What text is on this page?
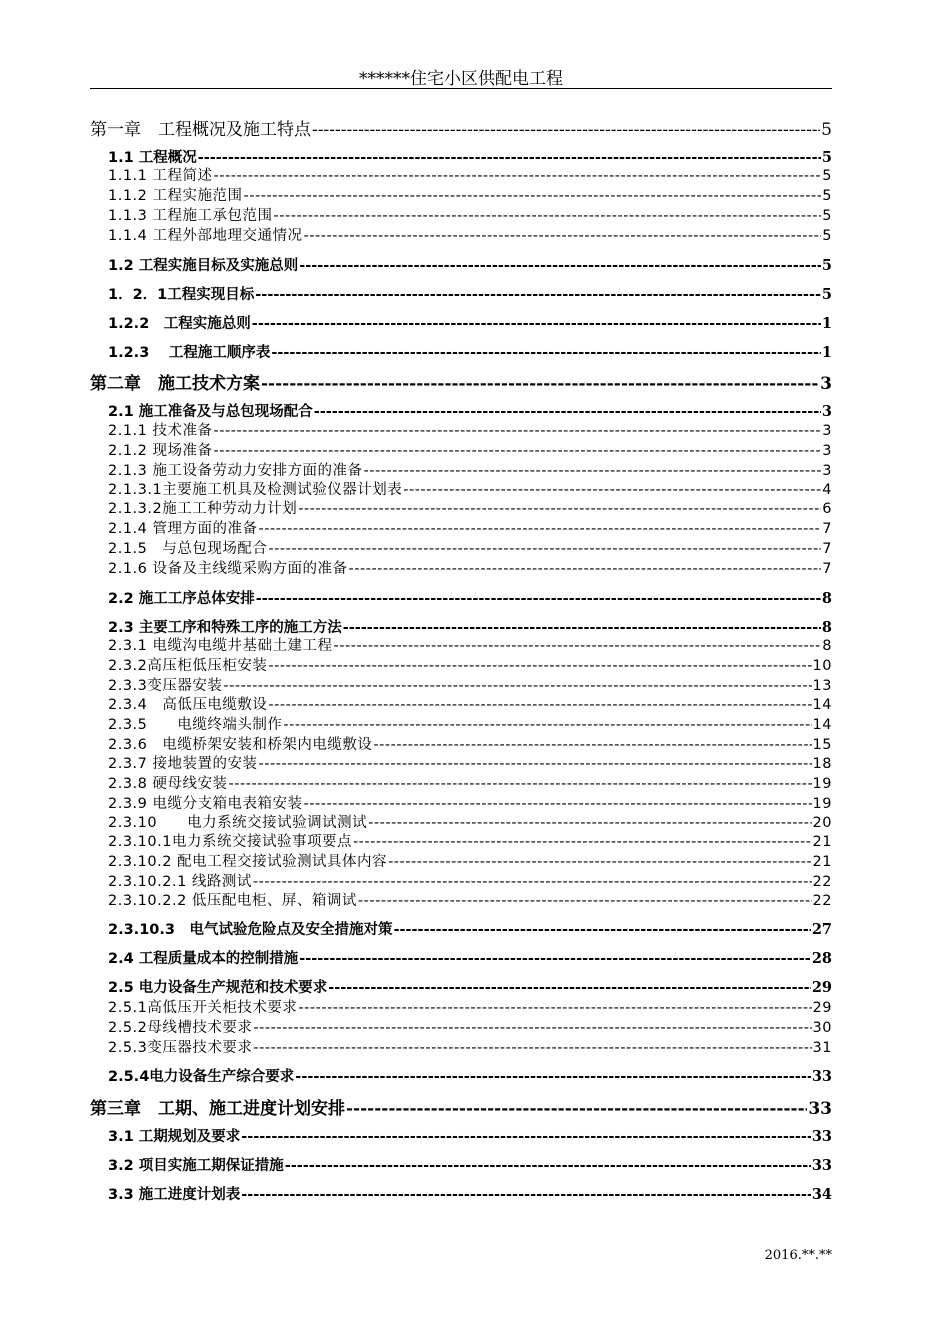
******住宅小区供配电工程
第一章　工程概况及施工特点 -----	5
1.1 工程概况 -----	5
1.1.1 工程简述 -----	5
1.1.2 工程实施范围 -----	5
1.1.3 工程施工承包范围 -----	5
1.1.4 工程外部地理交通情况 -----	5
1.2 工程实施目标及实施总则 -----	5
1．2．1工程实现目标 -----	5
1.2.2　工程实施总则 -----	1
1.2.3　 工程施工顺序表 -----	1
第二章　施工技术方案 -----	3
2.1 施工准备及与总包现场配合 -----	3
2.1.1 技术准备 -----	3
2.1.2 现场准备 -----	3
2.1.3 施工设备劳动力安排方面的准备 -----	3
2.1.3.1主要施工机具及检测试验仪器计划表 -----	4
2.1.3.2施工工种劳动力计划 -----	6
2.1.4 管理方面的准备 -----	7
2.1.5　与总包现场配合 -----	7
2.1.6 设备及主线缆采购方面的准备 -----	7
2.2 施工工序总体安排 -----	8
2.3 主要工序和特殊工序的施工方法 -----	8
2.3.1 电缆沟电缆井基础土建工程 -----	8
2.3.2高压柜低压柜安装 -----	10
2.3.3变压器安装 -----	13
2.3.4　高低压电缆敷设 -----	14
2.3.5　　电缆终端头制作 -----	14
2.3.6　电缆桥架安装和桥架内电缆敷设 -----	15
2.3.7 接地装置的安装 -----	18
2.3.8 硬母线安装 -----	19
2.3.9 电缆分支箱电表箱安装 -----	19
2.3.10　　电力系统交接试验调试测试 -----	20
2.3.10.1电力系统交接试验事项要点 -----	21
2.3.10.2 配电工程交接试验测试具体内容 -----	21
2.3.10.2.1 线路测试 -----	22
2.3.10.2.2 低压配电柜、屏、箱调试 -----	22
2.3.10.3　电气试验危险点及安全措施对策 -----	27
2.4 工程质量成本的控制措施 -----	28
2.5 电力设备生产规范和技术要求 -----	29
2.5.1高低压开关柜技术要求 -----	29
2.5.2母线槽技术要求 -----	30
2.5.3变压器技术要求 -----	31
2.5.4电力设备生产综合要求 -----	33
第三章　工期、施工进度计划安排 -----	33
3.1 工期规划及要求 -----	33
3.2 项目实施工期保证措施 -----	33
3.3 施工进度计划表 -----	34
2016.**.**
